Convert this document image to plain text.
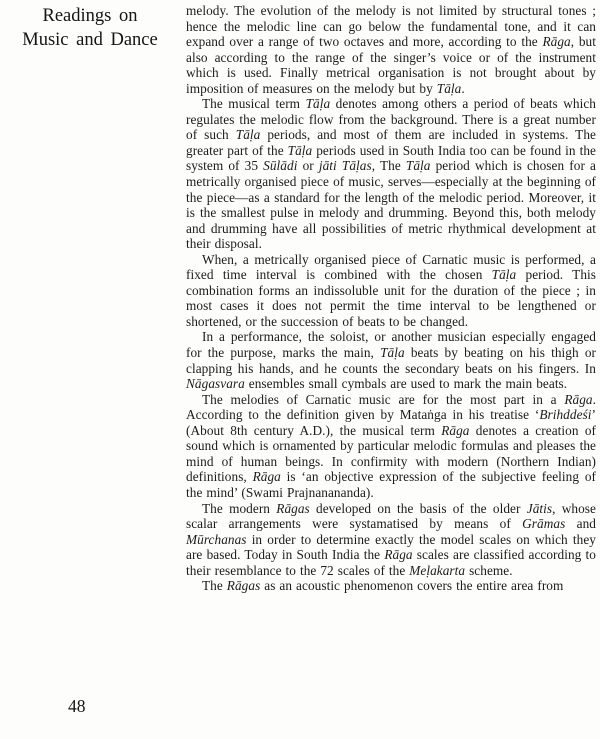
Readings on
Music and Dance

melody. The evolution of the melody is not limited by structural tones ; hence the melodic line can go below the fundamental tone, and it can expand over a range of two octaves and more, according to the Rāga, but also according to the range of the singer’s voice or of the instrument which is used. Finally metrical organisation is not brought about by imposition of measures on the melody but by Tāḷa.

The musical term Tāḷa denotes among others a period of beats which regulates the melodic flow from the background. There is a great number of such Tāḷa periods, and most of them are included in systems. The greater part of the Tāḷa periods used in South India too can be found in the system of 35 Sūlādi or jāti Tāḷas, The Tāḷa period which is chosen for a metrically organised piece of music, serves—especially at the beginning of the piece—as a standard for the length of the melodic period. Moreover, it is the smallest pulse in melody and drumming. Beyond this, both melody and drumming have all possibilities of metric rhythmical development at their disposal.

When, a metrically organised piece of Carnatic music is performed, a fixed time interval is combined with the chosen Tāḷa period. This combination forms an indissoluble unit for the duration of the piece ; in most cases it does not permit the time interval to be lengthened or shortened, or the succession of beats to be changed.

In a performance, the soloist, or another musician especially engaged for the purpose, marks the main, Tāḷa beats by beating on his thigh or clapping his hands, and he counts the secondary beats on his fingers. In Nāgasvara ensembles small cymbals are used to mark the main beats.

The melodies of Carnatic music are for the most part in a Rāga. According to the definition given by Mataṅga in his treatise ‘Brihddeśi’ (About 8th century A.D.), the musical term Rāga denotes a creation of sound which is ornamented by particular melodic formulas and pleases the mind of human beings. In confirmity with modern (Northern Indian) definitions, Rāga is ‘an objective expression of the subjective feeling of the mind’ (Swami Prajnanananda).

The modern Rāgas developed on the basis of the older Jātis, whose scalar arrangements were systamatised by means of Grāmas and Mūrchanas in order to determine exactly the model scales on which they are based. Today in South India the Rāga scales are classified according to their resemblance to the 72 scales of the Meḷakarta scheme.

The Rāgas as an acoustic phenomenon covers the entire area from

48
